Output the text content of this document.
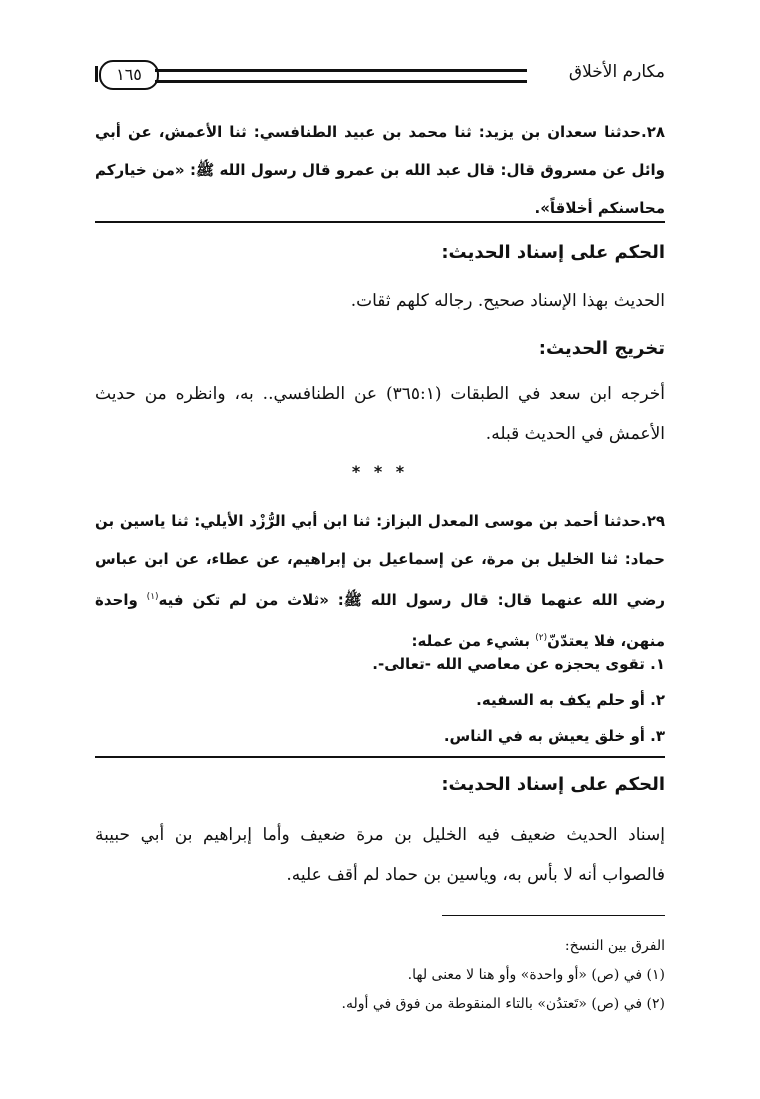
مكارم الأخلاق
١٦٥
٢٨.حدثنا سعدان بن يزيد: ثنا محمد بن عبيد الطنافسي: ثنا الأعمش، عن أبي وائل عن مسروق قال: قال عبد الله بن عمرو قال رسول الله ﷺ: «من خياركم محاسنكم أخلاقاً».
الحكم على إسناد الحديث:
الحديث بهذا الإسناد صحيح. رجاله كلهم ثقات.
تخريج الحديث:
أخرجه ابن سعد في الطبقات (٣٦٥:١) عن الطنافسي.. به، وانظره من حديث الأعمش في الحديث قبله.
* * *
٢٩.حدثنا أحمد بن موسى المعدل البزاز: ثنا ابن أبي الرُّزْد الأيلي: ثنا ياسين بن حماد: ثنا الخليل بن مرة، عن إسماعيل بن إبراهيم، عن عطاء، عن ابن عباس رضي الله عنهما قال: قال رسول الله ﷺ: «ثلاث من لم تكن فيه$^{(١)}$ واحدة منهن، فلا يعتدّنّ$^{(٢)}$ بشيء من عمله:
١. تقوى يحجزه عن معاصي الله -تعالى-.
٢. أو حلم يكف به السفيه.
٣. أو خلق يعيش به في الناس.
الحكم على إسناد الحديث:
إسناد الحديث ضعيف فيه الخليل بن مرة ضعيف وأما إبراهيم بن أبي حبيبة فالصواب أنه لا بأس به، وياسين بن حماد لم أقف عليه.
الفرق بين النسخ:
(١) في (ص) «أو واحدة» وأو هنا لا معنى لها.
(٢) في (ص) «تَعتدُن» بالتاء المنقوطة من فوق في أوله.
